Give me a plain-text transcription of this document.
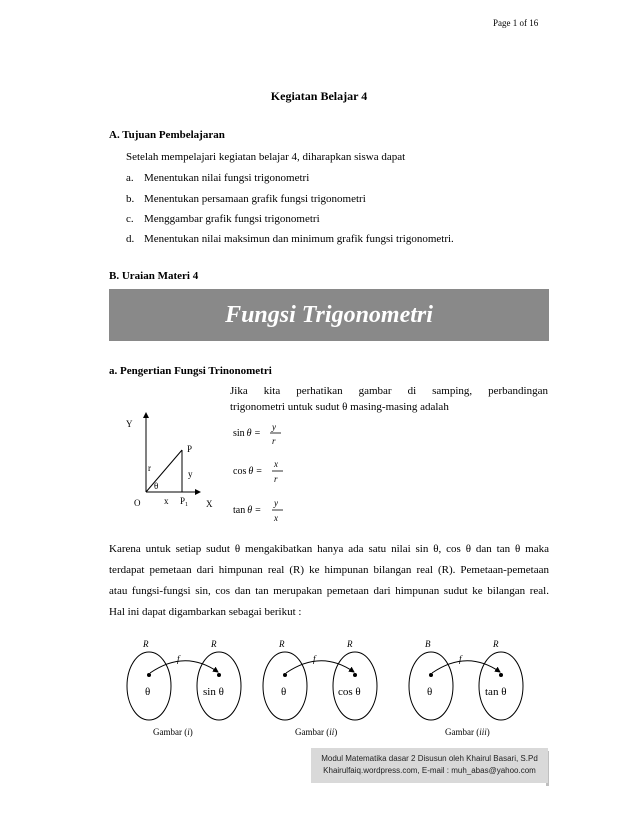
Page 1 of 16
Kegiatan Belajar 4
A. Tujuan Pembelajaran
Setelah mempelajari kegiatan belajar 4, diharapkan siswa dapat
a. Menentukan nilai fungsi trigonometri
b. Menentukan persamaan grafik fungsi trigonometri
c. Menggambar grafik fungsi trigonometri
d. Menentukan nilai maksimun dan minimum grafik fungsi trigonometri.
B. Uraian Materi 4
Fungsi Trigonometri
a. Pengertian Fungsi Trinonometri
Jika kita perhatikan gambar di samping, perbandingan
trigonometri untuk sudut θ masing-masing adalah
Y
X
O
P
$P_1$
r
y
x
θ
sin θ =
y
r
cos θ =
x
r
tan θ =
y
x
Karena untuk setiap sudut θ mengakibatkan hanya ada satu nilai sin θ, cos θ dan tan θ maka
terdapat pemetaan dari himpunan real (R) ke himpunan bilangan real (R). Pemetaan-pemetaan
atau fungsi-fungsi sin, cos dan tan merupakan pemetaan dari himpunan sudut ke bilangan real.
Hal ini dapat digambarkan sebagai berikut :
R	R
f
θ	sin θ
Gambar (i)
R	R
f
θ	cos θ
Gambar (ii)
B	R
f
θ	tan θ
Gambar (iii)
Modul Matematika dasar 2 Disusun oleh Khairul Basari, S.Pd
Khairulfaiq.wordpress.com, E-mail : muh_abas@yahoo.com
